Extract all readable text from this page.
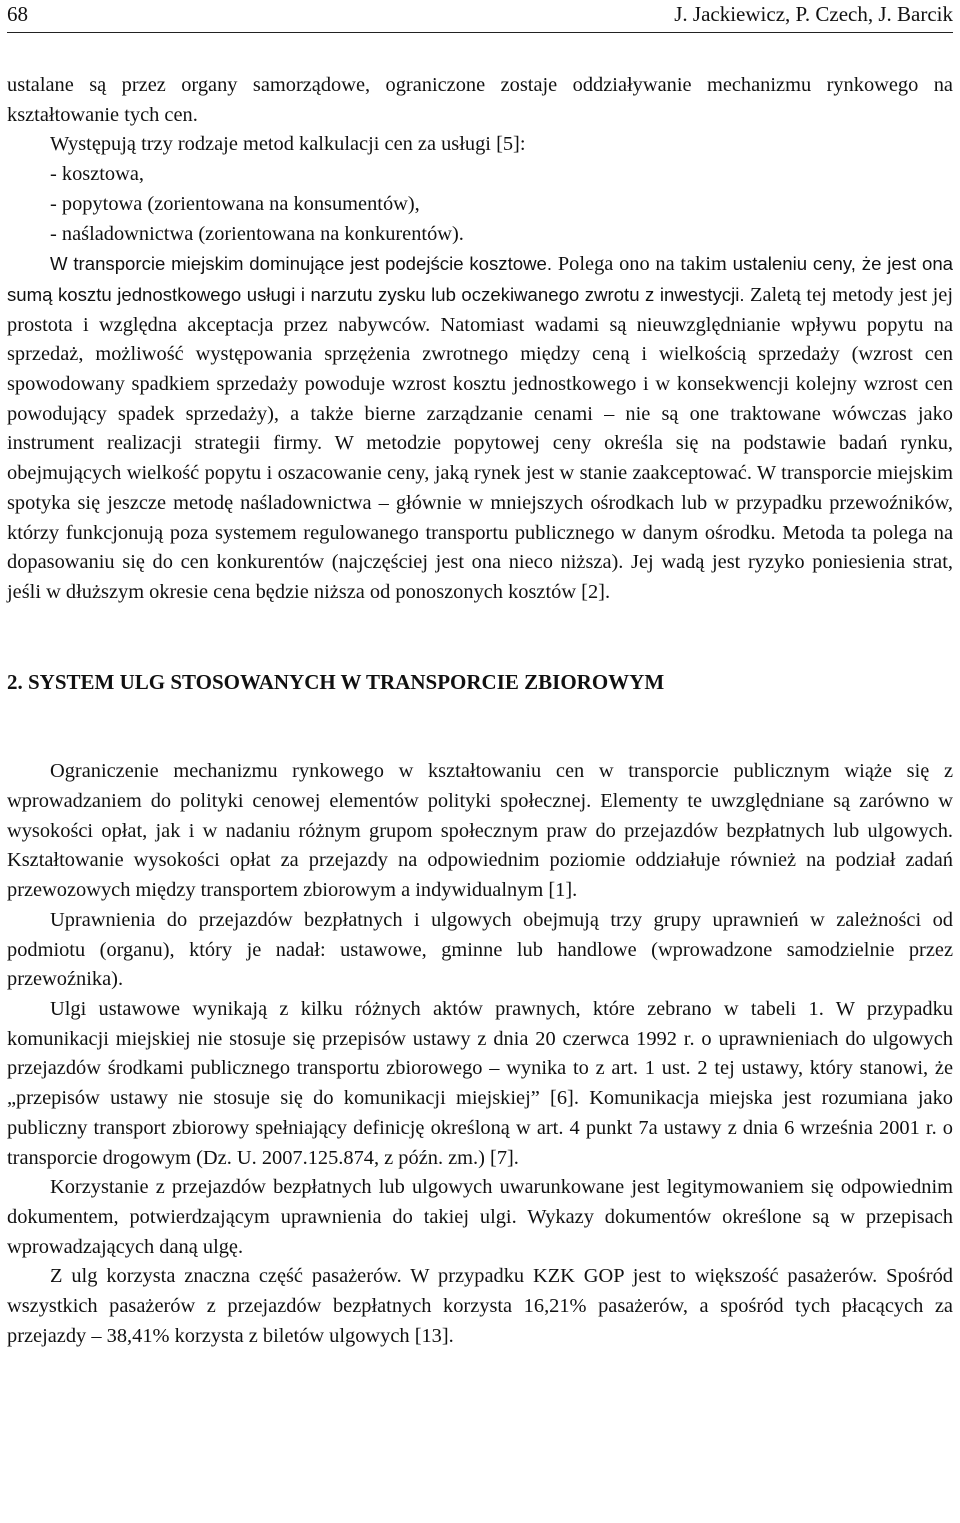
68	J. Jackiewicz, P. Czech, J. Barcik

ustalane są przez organy samorządowe, ograniczone zostaje oddziaływanie mechanizmu rynkowego na kształtowanie tych cen.

Występują trzy rodzaje metod kalkulacji cen za usługi [5]:

- kosztowa,

- popytowa (zorientowana na konsumentów),

- naśladownictwa (zorientowana na konkurentów).

W transporcie miejskim dominujące jest podejście kosztowe. Polega ono na takim ustaleniu ceny, że jest ona sumą kosztu jednostkowego usługi i narzutu zysku lub oczekiwanego zwrotu z inwestycji. Zaletą tej metody jest jej prostota i względna akceptacja przez nabywców. Natomiast wadami są nieuwzględnianie wpływu popytu na sprzedaż, możliwość występowania sprzężenia zwrotnego między ceną i wielkością sprzedaży (wzrost cen spowodowany spadkiem sprzedaży powoduje wzrost kosztu jednostkowego i w konsekwencji kolejny wzrost cen powodujący spadek sprzedaży), a także bierne zarządzanie cenami – nie są one traktowane wówczas jako instrument realizacji strategii firmy. W metodzie popytowej ceny określa się na podstawie badań rynku, obejmujących wielkość popytu i oszacowanie ceny, jaką rynek jest w stanie zaakceptować. W transporcie miejskim spotyka się jeszcze metodę naśladownictwa – głównie w mniejszych ośrodkach lub w przypadku przewoźników, którzy funkcjonują poza systemem regulowanego transportu publicznego w danym ośrodku. Metoda ta polega na dopasowaniu się do cen konkurentów (najczęściej jest ona nieco niższa). Jej wadą jest ryzyko poniesienia strat, jeśli w dłuższym okresie cena będzie niższa od ponoszonych kosztów [2].

2. SYSTEM ULG STOSOWANYCH W TRANSPORCIE ZBIOROWYM

Ograniczenie mechanizmu rynkowego w kształtowaniu cen w transporcie publicznym wiąże się z wprowadzaniem do polityki cenowej elementów polityki społecznej. Elementy te uwzględniane są zarówno w wysokości opłat, jak i w nadaniu różnym grupom społecznym praw do przejazdów bezpłatnych lub ulgowych. Kształtowanie wysokości opłat za przejazdy na odpowiednim poziomie oddziałuje również na podział zadań przewozowych między transportem zbiorowym a indywidualnym [1].

Uprawnienia do przejazdów bezpłatnych i ulgowych obejmują trzy grupy uprawnień w zależności od podmiotu (organu), który je nadał: ustawowe, gminne lub handlowe (wprowadzone samodzielnie przez przewoźnika).

Ulgi ustawowe wynikają z kilku różnych aktów prawnych, które zebrano w tabeli 1. W przypadku komunikacji miejskiej nie stosuje się przepisów ustawy z dnia 20 czerwca 1992 r. o uprawnieniach do ulgowych przejazdów środkami publicznego transportu zbiorowego – wynika to z art. 1 ust. 2 tej ustawy, który stanowi, że „przepisów ustawy nie stosuje się do komunikacji miejskiej” [6]. Komunikacja miejska jest rozumiana jako publiczny transport zbiorowy spełniający definicję określoną w art. 4 punkt 7a ustawy z dnia 6 września 2001 r. o transporcie drogowym (Dz. U. 2007.125.874, z późn. zm.) [7].

Korzystanie z przejazdów bezpłatnych lub ulgowych uwarunkowane jest legitymowaniem się odpowiednim dokumentem, potwierdzającym uprawnienia do takiej ulgi. Wykazy dokumentów określone są w przepisach wprowadzających daną ulgę.

Z ulg korzysta znaczna część pasażerów. W przypadku KZK GOP jest to większość pasażerów. Spośród wszystkich pasażerów z przejazdów bezpłatnych korzysta 16,21% pasażerów, a spośród tych płacących za przejazdy – 38,41% korzysta z biletów ulgowych [13].
